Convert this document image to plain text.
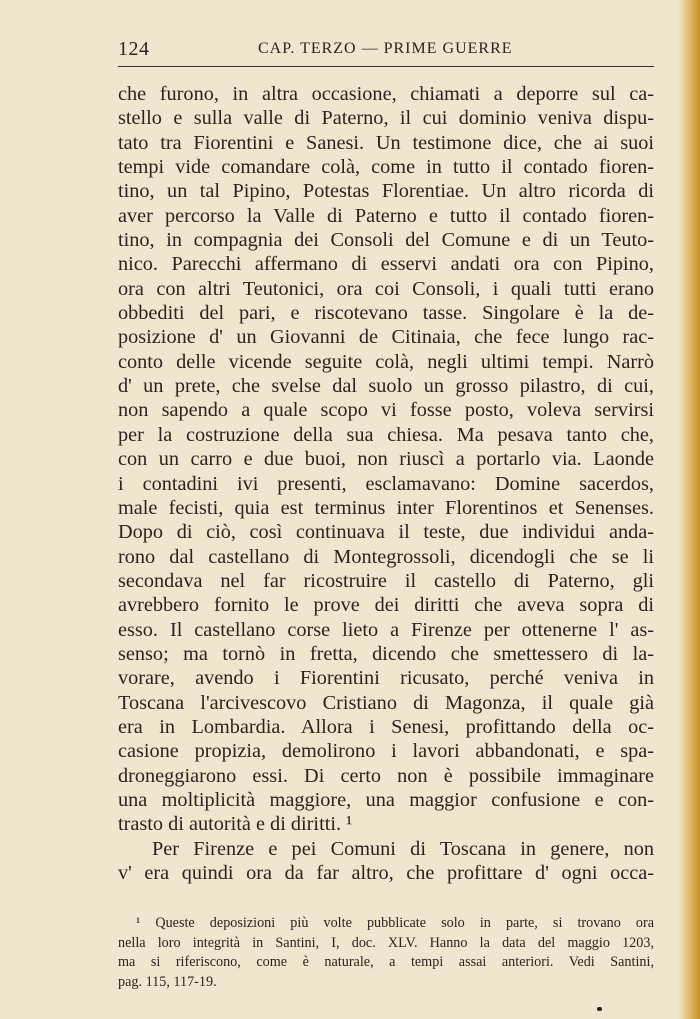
124	CAP. TERZO — PRIME GUERRE
che furono, in altra occasione, chiamati a deporre sul ca-
stello e sulla valle di Paterno, il cui dominio veniva dispu-
tato tra Fiorentini e Sanesi. Un testimone dice, che ai suoi
tempi vide comandare colà, come in tutto il contado fioren-
tino, un tal Pipino, Potestas Florentiae. Un altro ricorda di
aver percorso la Valle di Paterno e tutto il contado fioren-
tino, in compagnia dei Consoli del Comune e di un Teuto-
nico. Parecchi affermano di esservi andati ora con Pipino,
ora con altri Teutonici, ora coi Consoli, i quali tutti erano
obbediti del pari, e riscotevano tasse. Singolare è la de-
posizione d' un Giovanni de Citinaia, che fece lungo rac-
conto delle vicende seguite colà, negli ultimi tempi. Narrò
d' un prete, che svelse dal suolo un grosso pilastro, di cui,
non sapendo a quale scopo vi fosse posto, voleva servirsi
per la costruzione della sua chiesa. Ma pesava tanto che,
con un carro e due buoi, non riuscì a portarlo via. Laonde
i contadini ivi presenti, esclamavano: Domine sacerdos,
male fecisti, quia est terminus inter Florentinos et Senenses.
Dopo di ciò, così continuava il teste, due individui anda-
rono dal castellano di Montegrossoli, dicendogli che se li
secondava nel far ricostruire il castello di Paterno, gli
avrebbero fornito le prove dei diritti che aveva sopra di
esso. Il castellano corse lieto a Firenze per ottenerne l' as-
senso; ma tornò in fretta, dicendo che smettessero di la-
vorare, avendo i Fiorentini ricusato, perché veniva in
Toscana l'arcivescovo Cristiano di Magonza, il quale già
era in Lombardia. Allora i Senesi, profittando della oc-
casione propizia, demolirono i lavori abbandonati, e spa-
droneggiarono essi. Di certo non è possibile immaginare
una moltiplicità maggiore, una maggior confusione e con-
trasto di autorità e di diritti. ¹
Per Firenze e pei Comuni di Toscana in genere, non
v' era quindi ora da far altro, che profittare d' ogni occa-
¹ Queste deposizioni più volte pubblicate solo in parte, si trovano ora
nella loro integrità in Santini, I, doc. XLV. Hanno la data del maggio 1203,
ma si riferiscono, come è naturale, a tempi assai anteriori. Vedi Santini,
pag. 115, 117-19.
